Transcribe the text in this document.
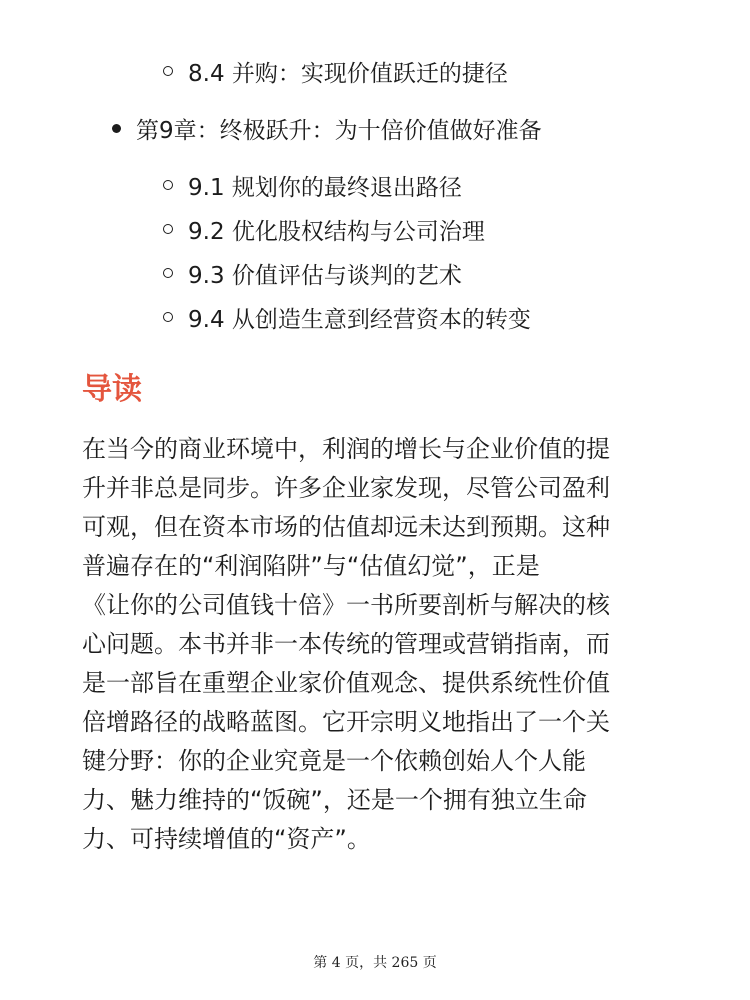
8.4 并购：实现价值跃迁的捷径
第9章：终极跃升：为十倍价值做好准备
9.1 规划你的最终退出路径
9.2 优化股权结构与公司治理
9.3 价值评估与谈判的艺术
9.4 从创造生意到经营资本的转变
导读
在当今的商业环境中，利润的增长与企业价值的提
升并非总是同步。许多企业家发现，尽管公司盈利
可观，但在资本市场的估值却远未达到预期。这种
普遍存在的“利润陷阱”与“估值幻觉”，正是
《让你的公司值钱十倍》一书所要剖析与解决的核
心问题。本书并非一本传统的管理或营销指南，而
是一部旨在重塑企业家价值观念、提供系统性价值
倍增路径的战略蓝图。它开宗明义地指出了一个关
键分野：你的企业究竟是一个依赖创始人个人能
力、魅力维持的“饭碗”，还是一个拥有独立生命
力、可持续增值的“资产”。
第 4 页，共 265 页
